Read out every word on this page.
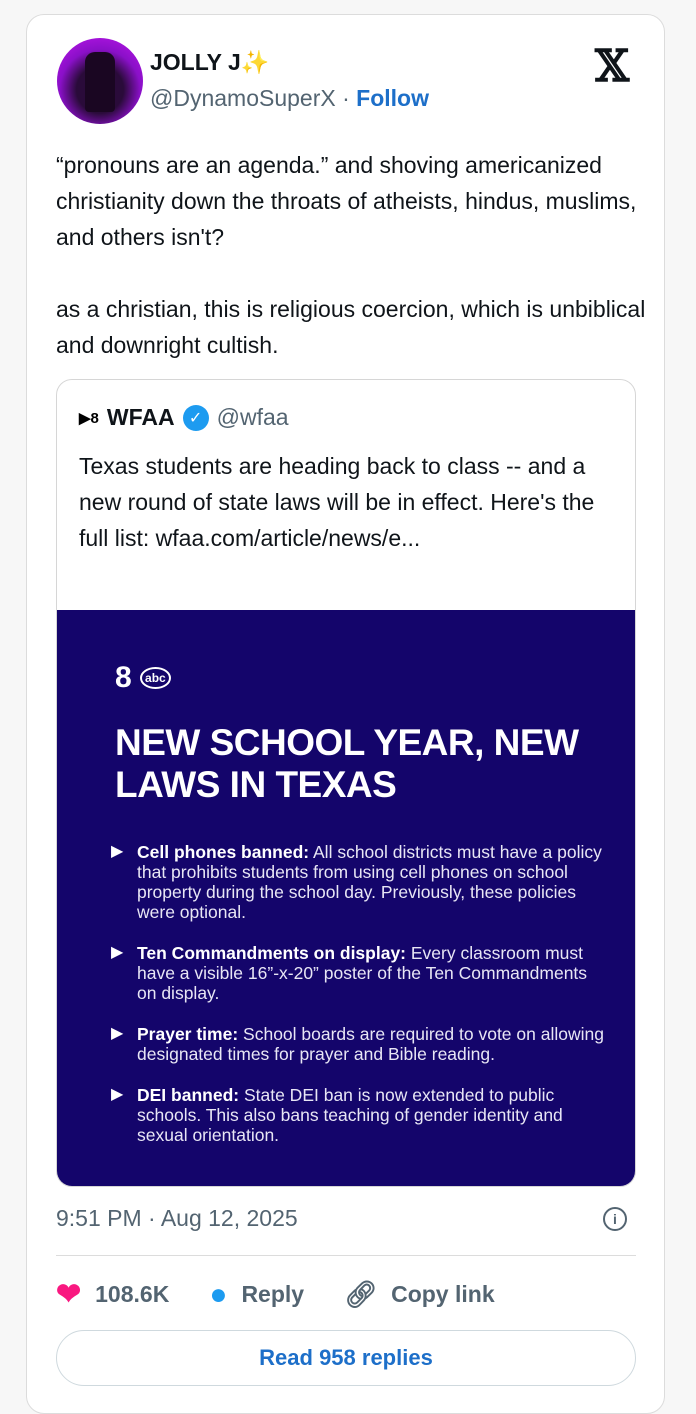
JOLLY J✨
@DynamoSuperX · Follow
𝕏
“pronouns are an agenda.” and shoving americanized christianity down the throats of atheists, hindus, muslims, and others isn't?

as a christian, this is religious coercion, which is unbiblical and downright cultish.
▶8 WFAA ✓ @wfaa
Texas students are heading back to class -- and a new round of state laws will be in effect. Here's the full list: wfaa.com/article/news/e...
8 abc
NEW SCHOOL YEAR, NEW LAWS IN TEXAS
▶ Cell phones banned: All school districts must have a policy that prohibits students from using cell phones on school property during the school day. Previously, these policies were optional.
▶ Ten Commandments on display: Every classroom must have a visible 16”-x-20” poster of the Ten Commandments on display.
▶ Prayer time: School boards are required to vote on allowing designated times for prayer and Bible reading.
▶ DEI banned: State DEI ban is now extended to public schools. This also bans teaching of gender identity and sexual orientation.
9:51 PM · Aug 12, 2025	i
❤ 108.6K ● Reply 🔗︎ Copy link
Read 958 replies
